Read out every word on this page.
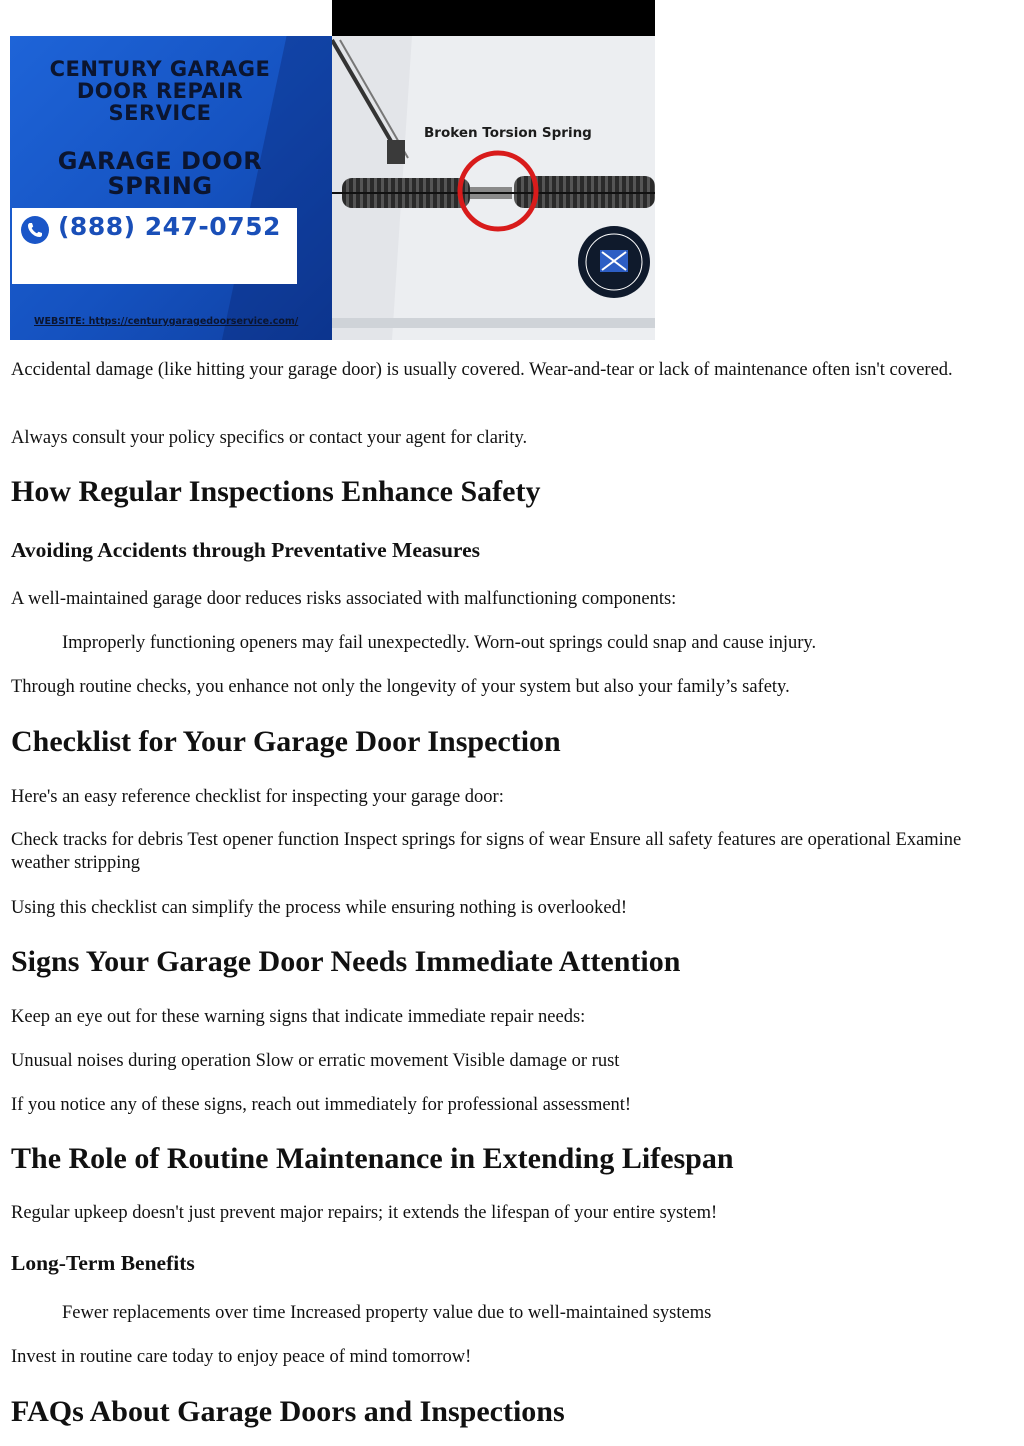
CENTURY GARAGE
DOOR REPAIR
SERVICE
GARAGE DOOR
SPRING
(888) 247-0752
WEBSITE: https://centurygaragedoorservice.com/
Broken Torsion Spring

Accidental damage (like hitting your garage door) is usually covered. Wear-and-tear or lack of maintenance often isn't covered.

Always consult your policy specifics or contact your agent for clarity.

How Regular Inspections Enhance Safety
Avoiding Accidents through Preventative Measures

A well-maintained garage door reduces risks associated with malfunctioning components:

Improperly functioning openers may fail unexpectedly. Worn-out springs could snap and cause injury.

Through routine checks, you enhance not only the longevity of your system but also your family’s safety.

Checklist for Your Garage Door Inspection

Here's an easy reference checklist for inspecting your garage door:

Check tracks for debris Test opener function Inspect springs for signs of wear Ensure all safety features are operational Examine weather stripping

Using this checklist can simplify the process while ensuring nothing is overlooked!

Signs Your Garage Door Needs Immediate Attention

Keep an eye out for these warning signs that indicate immediate repair needs:

Unusual noises during operation Slow or erratic movement Visible damage or rust

If you notice any of these signs, reach out immediately for professional assessment!

The Role of Routine Maintenance in Extending Lifespan

Regular upkeep doesn't just prevent major repairs; it extends the lifespan of your entire system!

Long-Term Benefits

Fewer replacements over time Increased property value due to well-maintained systems

Invest in routine care today to enjoy peace of mind tomorrow!

FAQs About Garage Doors and Inspections
